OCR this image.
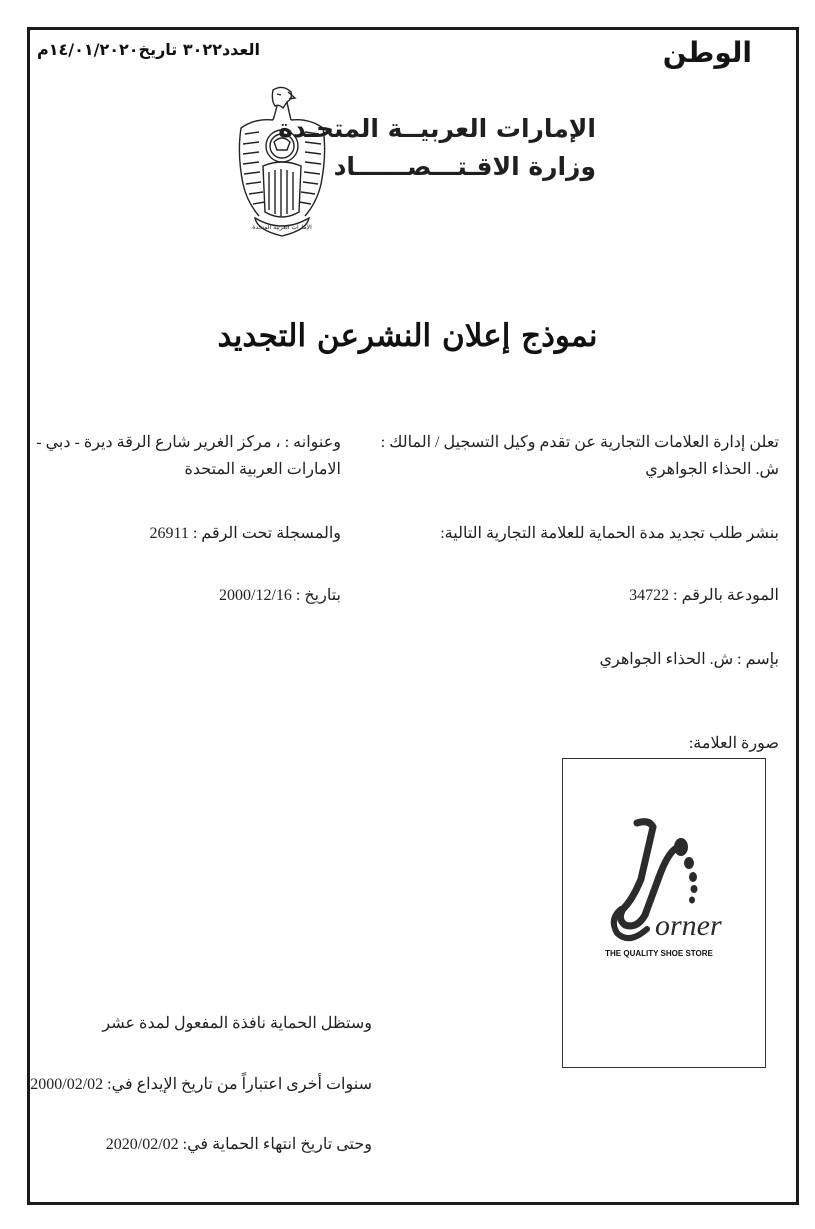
الوطن
العدد٣٠٢٢ تاريخ١٤/٠١/٢٠٢٠م
الإمارات العربية المتحدة
الإمارات العربيــة المتحـدة
وزارة الاقـتـــصــــــاد
نموذج إعلان النشرعن التجديد
تعلن إدارة العلامات التجارية عن تقدم وكيل التسجيل / المالك :
ش. الحذاء الجواهري
بنشر طلب تجديد مدة الحماية للعلامة التجارية التالية:
المودعة بالرقم : 34722
بإسم : ش. الحذاء الجواهري
صورة العلامة:
وعنوانه : ، مركز الغرير شارع الرقة ديرة - دبي -
الامارات العربية المتحدة
والمسجلة تحت الرقم : 26911
بتاريخ : 2000/12/16
orner
THE QUALITY SHOE STORE
وستظل الحماية نافذة المفعول لمدة عشر
سنوات أخرى اعتباراً من تاريخ الإيداع في: 2000/02/02
وحتى تاريخ انتهاء الحماية في: 2020/02/02
